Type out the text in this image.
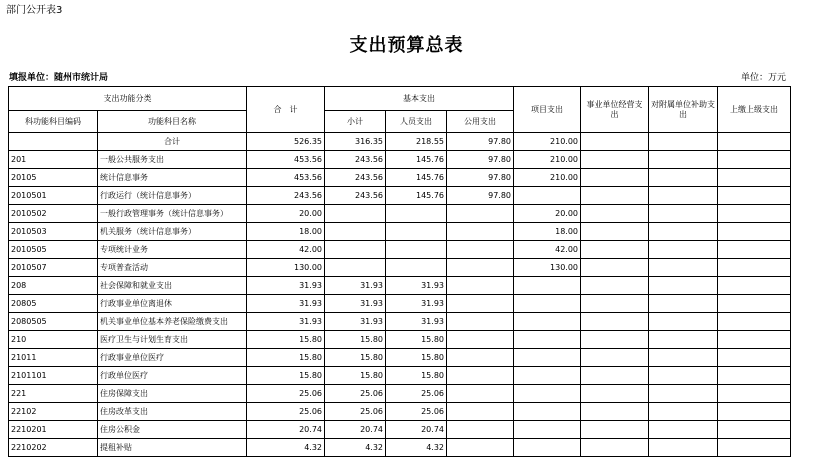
部门公开表3
支出预算总表
填报单位：随州市统计局	单位：万元
支出功能分类		合　计	基本支出			项目支出	事业单位经营支出	对附属单位补助支出	上缴上级支出
科功能科目编码	功能科目名称		小计	人员支出	公用支出				
	合计	526.35	316.35	218.55	97.80	210.00			
201	一般公共服务支出	453.56	243.56	145.76	97.80	210.00			
20105	统计信息事务	453.56	243.56	145.76	97.80	210.00			
2010501	行政运行（统计信息事务）	243.56	243.56	145.76	97.80				
2010502	一般行政管理事务（统计信息事务）	20.00				20.00			
2010503	机关服务（统计信息事务）	18.00				18.00			
2010505	专项统计业务	42.00				42.00			
2010507	专项普查活动	130.00				130.00			
208	社会保障和就业支出	31.93	31.93	31.93					
20805	行政事业单位离退休	31.93	31.93	31.93					
2080505	机关事业单位基本养老保险缴费支出	31.93	31.93	31.93					
210	医疗卫生与计划生育支出	15.80	15.80	15.80					
21011	行政事业单位医疗	15.80	15.80	15.80					
2101101	行政单位医疗	15.80	15.80	15.80					
221	住房保障支出	25.06	25.06	25.06					
22102	住房改革支出	25.06	25.06	25.06					
2210201	住房公积金	20.74	20.74	20.74					
2210202	提租补贴	4.32	4.32	4.32					
